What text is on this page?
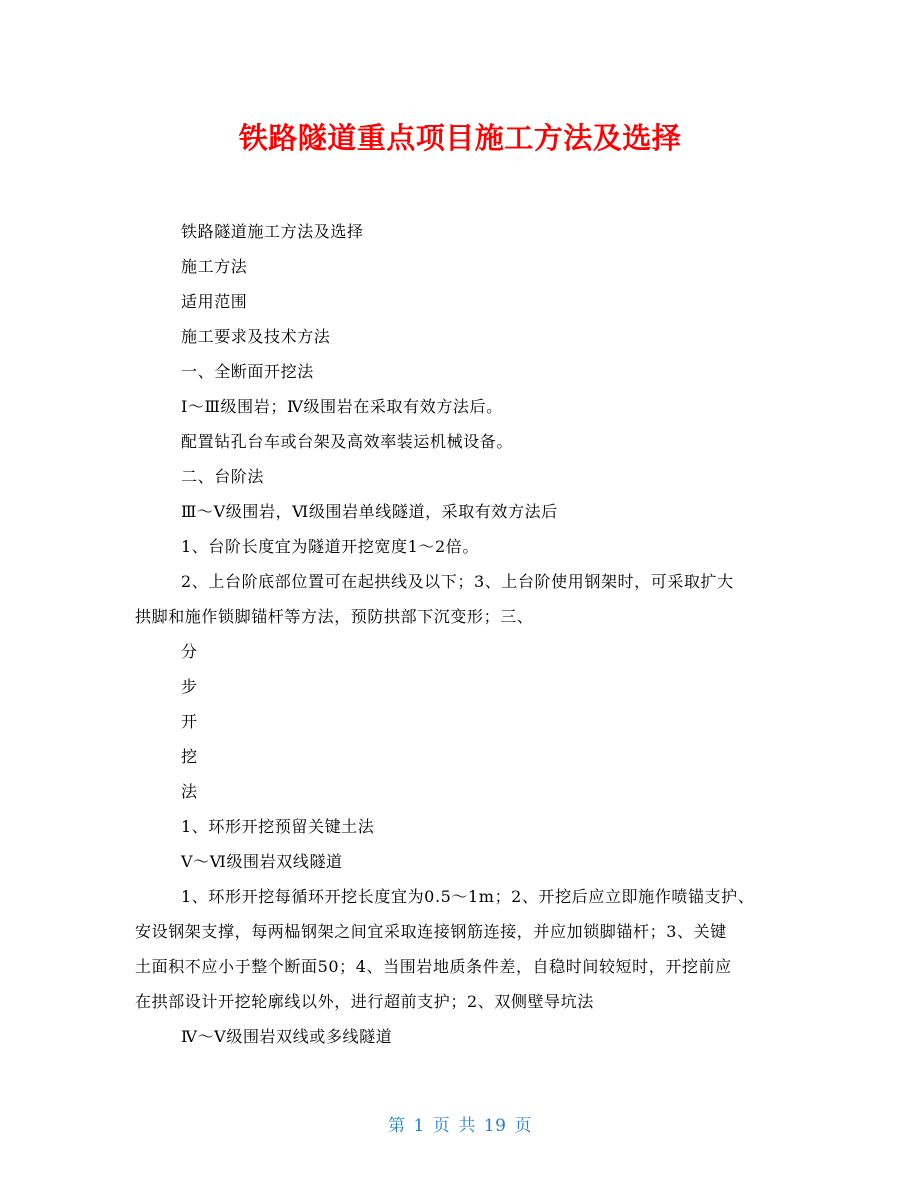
铁路隧道重点项目施工方法及选择
铁路隧道施工方法及选择
施工方法
适用范围
施工要求及技术方法
一、全断面开挖法
Ⅰ～Ⅲ级围岩；Ⅳ级围岩在采取有效方法后。
配置钻孔台车或台架及高效率装运机械设备。
二、台阶法
Ⅲ～Ⅴ级围岩，Ⅵ级围岩单线隧道，采取有效方法后
1、台阶长度宜为隧道开挖宽度1～2倍。
2、上台阶底部位置可在起拱线及以下；3、上台阶使用钢架时，可采取扩大
拱脚和施作锁脚锚杆等方法，预防拱部下沉变形；三、
分
步
开
挖
法
1、环形开挖预留关键土法
Ⅴ～Ⅵ级围岩双线隧道
1、环形开挖每循环开挖长度宜为0.5～1m；2、开挖后应立即施作喷锚支护、
安设钢架支撑，每两榀钢架之间宜采取连接钢筋连接，并应加锁脚锚杆；3、关键
土面积不应小于整个断面50；4、当围岩地质条件差，自稳时间较短时，开挖前应
在拱部设计开挖轮廓线以外，进行超前支护；2、双侧壁导坑法
Ⅳ～Ⅴ级围岩双线或多线隧道
第 1 页 共 19 页
